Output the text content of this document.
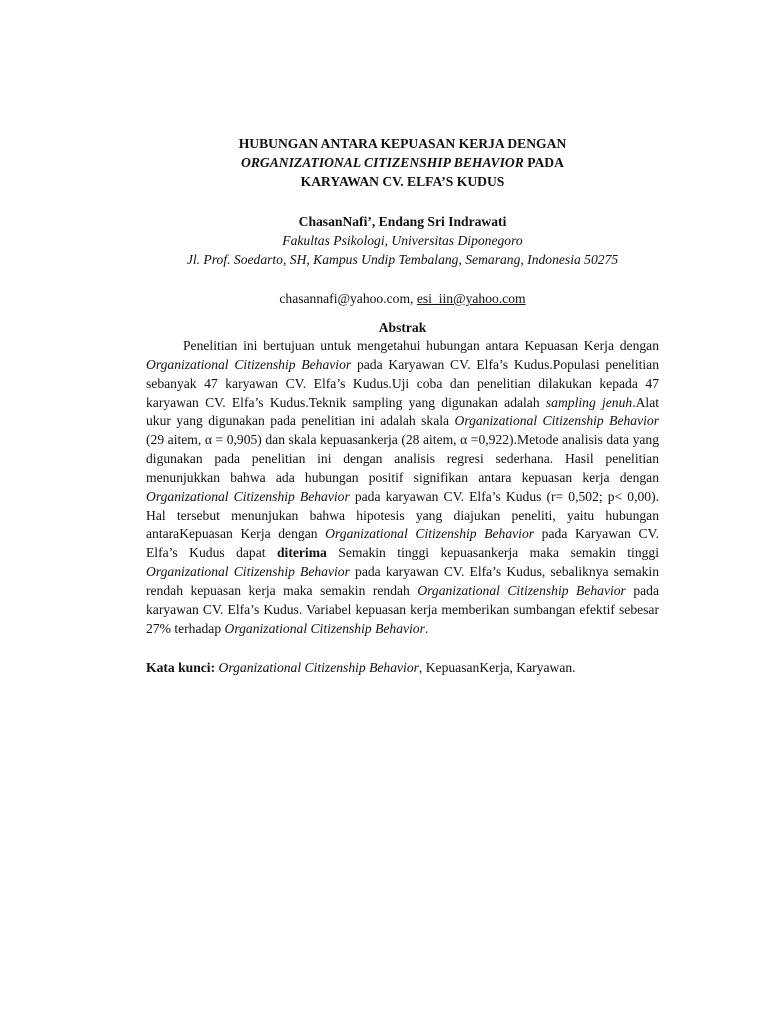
HUBUNGAN ANTARA KEPUASAN KERJA DENGAN
ORGANIZATIONAL CITIZENSHIP BEHAVIOR PADA
KARYAWAN CV. ELFA’S KUDUS
ChasanNafi’, Endang Sri Indrawati
Fakultas Psikologi, Universitas Diponegoro
Jl. Prof. Soedarto, SH, Kampus Undip Tembalang, Semarang, Indonesia 50275
chasannafi@yahoo.com, esi_iin@yahoo.com
Abstrak

Penelitian ini bertujuan untuk mengetahui hubungan antara Kepuasan Kerja dengan Organizational Citizenship Behavior pada Karyawan CV. Elfa’s Kudus.Populasi penelitian sebanyak 47 karyawan CV. Elfa’s Kudus.Uji coba dan penelitian dilakukan kepada 47 karyawan CV. Elfa’s Kudus.Teknik sampling yang digunakan adalah sampling jenuh.Alat ukur yang digunakan pada penelitian ini adalah skala Organizational Citizenship Behavior (29 aitem, α = 0,905) dan skala kepuasankerja (28 aitem, α =0,922).Metode analisis data yang digunakan pada penelitian ini dengan analisis regresi sederhana. Hasil penelitian menunjukkan bahwa ada hubungan positif signifikan antara kepuasan kerja dengan Organizational Citizenship Behavior pada karyawan CV. Elfa’s Kudus (r= 0,502; p< 0,00). Hal tersebut menunjukan bahwa hipotesis yang diajukan peneliti, yaitu hubungan antaraKepuasan Kerja dengan Organizational Citizenship Behavior pada Karyawan CV. Elfa’s Kudus dapat diterima Semakin tinggi kepuasankerja maka semakin tinggi Organizational Citizenship Behavior pada karyawan CV. Elfa’s Kudus, sebaliknya semakin rendah kepuasan kerja maka semakin rendah Organizational Citizenship Behavior pada karyawan CV. Elfa’s Kudus. Variabel kepuasan kerja memberikan sumbangan efektif sebesar 27% terhadap Organizational Citizenship Behavior.

Kata kunci: Organizational Citizenship Behavior, KepuasanKerja, Karyawan.
